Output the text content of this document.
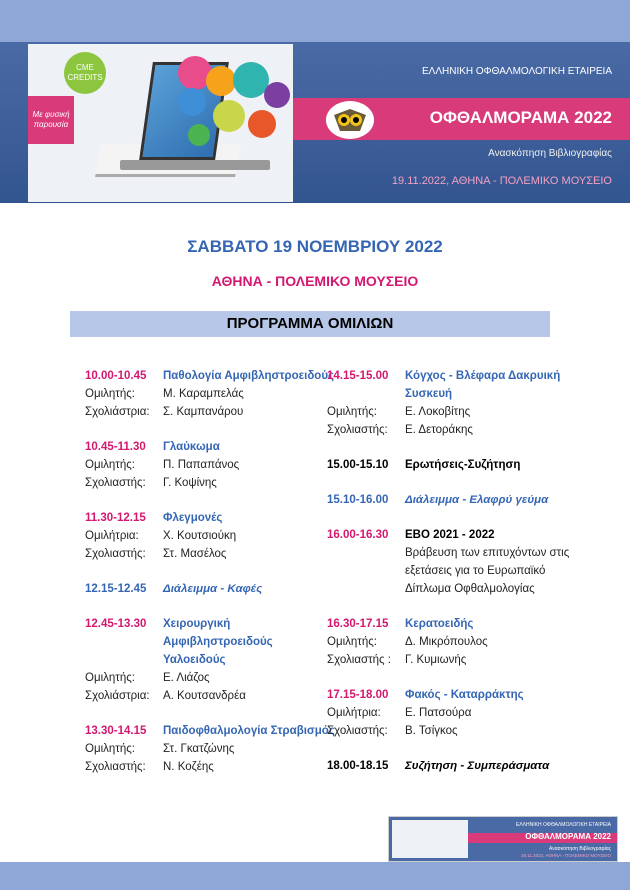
CME CREDITS
Με φυσική παρουσία
ΕΛΛΗΝΙΚΗ ΟΦΘΑΛΜΟΛΟΓΙΚΗ ΕΤΑΙΡΕΙΑ
ΟΦΘΑΛΜΟΡΑΜΑ 2022
Ανασκόπηση Βιβλιογραφίας
19.11.2022, ΑΘΗΝΑ - ΠΟΛΕΜΙΚΟ ΜΟΥΣΕΙΟ
ΣΑΒΒΑΤΟ 19 ΝΟΕΜΒΡΙΟΥ 2022
ΑΘΗΝΑ - ΠΟΛΕΜΙΚΟ ΜΟΥΣΕΙΟ
ΠΡΟΓΡΑΜΜΑ ΟΜΙΛΙΩΝ
10.00-10.45	Παθολογία Αμφιβληστροειδούς
Ομιλητής:	Μ. Καραμπελάς
Σχολιάστρια:	Σ. Καμπανάρου
10.45-11.30	Γλαύκωμα
Ομιλητής:	Π. Παπαπάνος
Σχολιαστής:	Γ. Κοψίνης
11.30-12.15	Φλεγμονές
Ομιλήτρια:	Χ. Κουτσιούκη
Σχολιαστής:	Στ. Μασέλος
12.15-12.45	Διάλειμμα - Καφές
12.45-13.30	Χειρουργική Αμφιβληστροειδούς Υαλοειδούς
Ομιλητής:	Ε. Λιάζος
Σχολιάστρια:	Α. Κουτσανδρέα
13.30-14.15	Παιδοφθαλμολογία Στραβισμός
Ομιλητής:	Στ. Γκατζώνης
Σχολιαστής:	Ν. Κοζέης
14.15-15.00	Κόγχος - Βλέφαρα Δακρυική Συσκευή
Ομιλητής:	Ε. Λοκοβίτης
Σχολιαστής:	Ε. Δετοράκης
15.00-15.10	Ερωτήσεις-Συζήτηση
15.10-16.00	Διάλειμμα - Ελαφρύ γεύμα
16.00-16.30	EBO 2021 - 2022
Βράβευση των επιτυχόντων στις εξετάσεις για το Ευρωπαϊκό Δίπλωμα Οφθαλμολογίας
16.30-17.15	Κερατοειδής
Ομιλητής:	Δ. Μικρόπουλος
Σχολιαστής :	Γ. Κυμιωνής
17.15-18.00	Φακός - Καταρράκτης
Ομιλήτρια:	Ε. Πατσούρα
Σχολιαστής:	Β. Τσίγκος
18.00-18.15	Συζήτηση - Συμπεράσματα
ΕΛΛΗΝΙΚΗ ΟΦΘΑΛΜΟΛΟΓΙΚΗ ΕΤΑΙΡΕΙΑ
ΟΦΘΑΛΜΟΡΑΜΑ 2022
Ανασκόπηση Βιβλιογραφίας
19.11.2022, ΑΘΗΝΑ - ΠΟΛΕΜΙΚΟ ΜΟΥΣΕΙΟ
